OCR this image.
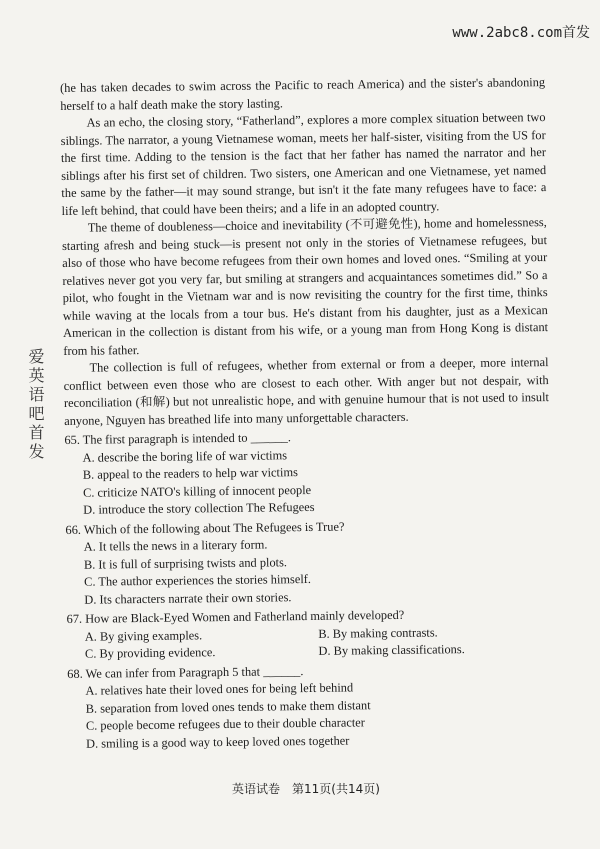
www.2abc8.com首发
爱英语吧首发

(he has taken decades to swim across the Pacific to reach America) and the sister's abandoning herself to a half death make the story lasting.

As an echo, the closing story, “Fatherland”, explores a more complex situation between two siblings. The narrator, a young Vietnamese woman, meets her half-sister, visiting from the US for the first time. Adding to the tension is the fact that her father has named the narrator and her siblings after his first set of children. Two sisters, one American and one Vietnamese, yet named the same by the father—it may sound strange, but isn't it the fate many refugees have to face: a life left behind, that could have been theirs; and a life in an adopted country.

The theme of doubleness—choice and inevitability (不可避免性), home and homelessness, starting afresh and being stuck—is present not only in the stories of Vietnamese refugees, but also of those who have become refugees from their own homes and loved ones. “Smiling at your relatives never got you very far, but smiling at strangers and acquaintances sometimes did.” So a pilot, who fought in the Vietnam war and is now revisiting the country for the first time, thinks while waving at the locals from a tour bus. He's distant from his daughter, just as a Mexican American in the collection is distant from his wife, or a young man from Hong Kong is distant from his father.

The collection is full of refugees, whether from external or from a deeper, more internal conflict between even those who are closest to each other. With anger but not despair, with reconciliation (和解) but not unrealistic hope, and with genuine humour that is not used to insult anyone, Nguyen has breathed life into many unforgettable characters.

65. The first paragraph is intended to ______.

A. describe the boring life of war victims

B. appeal to the readers to help war victims

C. criticize NATO's killing of innocent people

D. introduce the story collection The Refugees

66. Which of the following about The Refugees is True?

A. It tells the news in a literary form.

B. It is full of surprising twists and plots.

C. The author experiences the stories himself.

D. Its characters narrate their own stories.

67. How are Black-Eyed Women and Fatherland mainly developed?

A. By giving examples.	B. By making contrasts.
C. By providing evidence.	D. By making classifications.

68. We can infer from Paragraph 5 that ______.

A. relatives hate their loved ones for being left behind

B. separation from loved ones tends to make them distant

C. people become refugees due to their double character

D. smiling is a good way to keep loved ones together

英语试卷　第11页(共14页)
